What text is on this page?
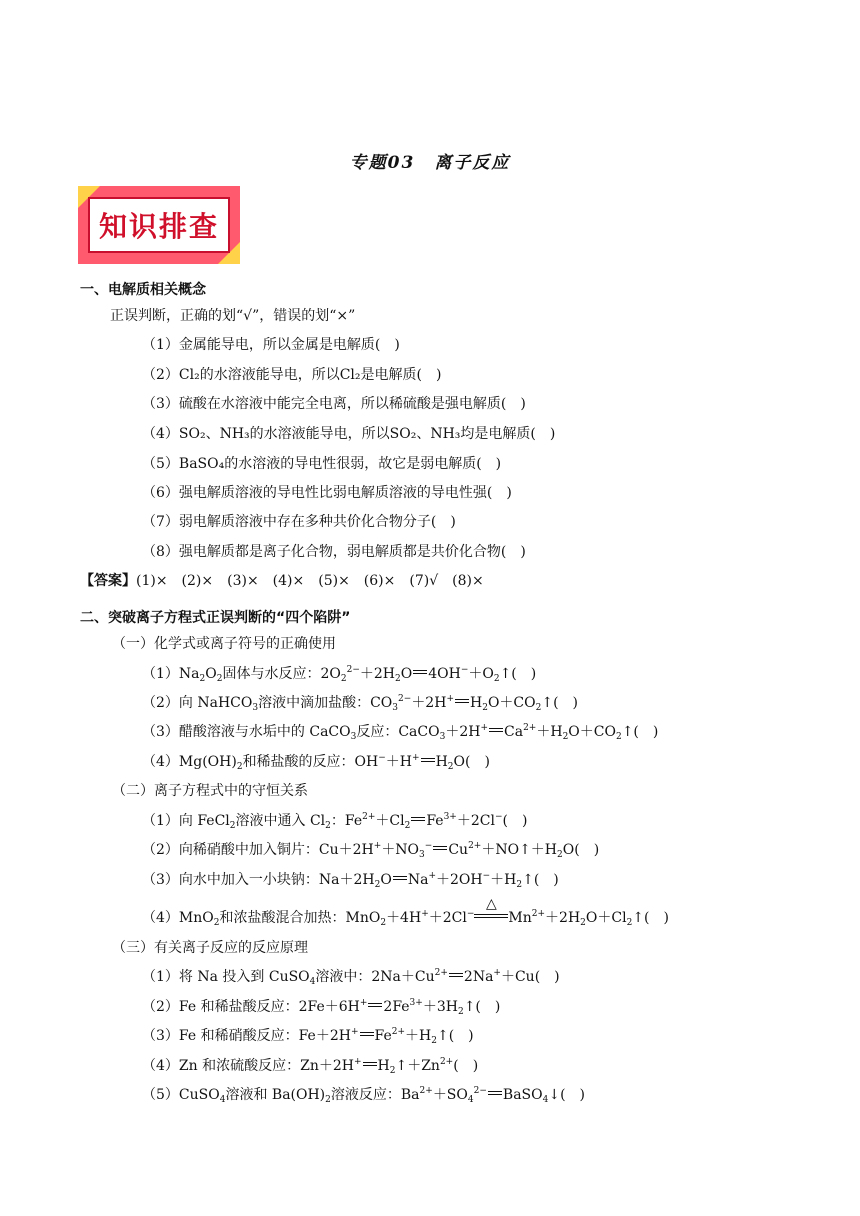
专题03　离子反应
知识排查
一、电解质相关概念
正误判断，正确的划“√”，错误的划“×”
（1）金属能导电，所以金属是电解质(　)
（2）Cl₂的水溶液能导电，所以Cl₂是电解质(　)
（3）硫酸在水溶液中能完全电离，所以稀硫酸是强电解质(　)
（4）SO₂、NH₃的水溶液能导电，所以SO₂、NH₃均是电解质(　)
（5）BaSO₄的水溶液的导电性很弱，故它是弱电解质(　)
（6）强电解质溶液的导电性比弱电解质溶液的导电性强(　)
（7）弱电解质溶液中存在多种共价化合物分子(　)
（8）强电解质都是离子化合物，弱电解质都是共价化合物(　)
【答案】(1)×　(2)×　(3)×　(4)×　(5)×　(6)×　(7)√　(8)×
二、突破离子方程式正误判断的“四个陷阱”
（一）化学式或离子符号的正确使用
$(1)Na_2O_2$固体与水反应：$2O_2^{2-}+2H_2O$ $4OH^-+O_2↑$(　)
（2）向 NaHCO$_3$溶液中滴加盐酸：$CO_3^{2-}+2H^+$ $H_2O+CO_2↑$(　)
（3）醋酸溶液与水垢中的 CaCO$_3$反应：CaCO$_3$＋2H+ $Ca^{2+}+H_2O+CO_2↑$(　)
$(4)Mg(OH)_2$和稀盐酸的反应：OH−＋H+ $H_2O$(　)
（二）离子方程式中的守恒关系
（1）向 FeCl$_2$溶液中通入 $Cl_2$：$Fe^{2+}+Cl_2$ $Fe^{3+}+2Cl^-$(　)
（2）向稀硝酸中加入铜片：$Cu+2H^++NO_3^-$ $Cu^{2+}+NO↑+H_2O$(　)
（3）向水中加入一小块钠：$Na+2H_2O$ $Na^++2OH^-+H_2↑$(　)
（4）MnO$_2$和浓盐酸混合加热：MnO$_2$＋4H+＋2Cl−
△
$Mn^{2+}+2H_2O+Cl_2↑$(　)
（三）有关离子反应的反应原理
（1）将 Na 投入到 CuSO$_4$溶液中：$2Na+Cu^{2+}$ 2Na+＋Cu(　)
（2）Fe 和稀盐酸反应：2Fe＋6H+ $2Fe^{3+}+3H_2↑$(　)
（3）Fe 和稀硝酸反应：Fe＋2H+ $Fe^{2+}+H_2↑$(　)
（4）Zn 和浓硫酸反应：Zn＋2H+ $H_2↑+Zn^{2+}$(　)
（5）CuSO$_4$溶液和 $Ba(OH)_2$溶液反应：$Ba^{2+}+SO_4^{2-}$ BaSO$_4$↓(　)
